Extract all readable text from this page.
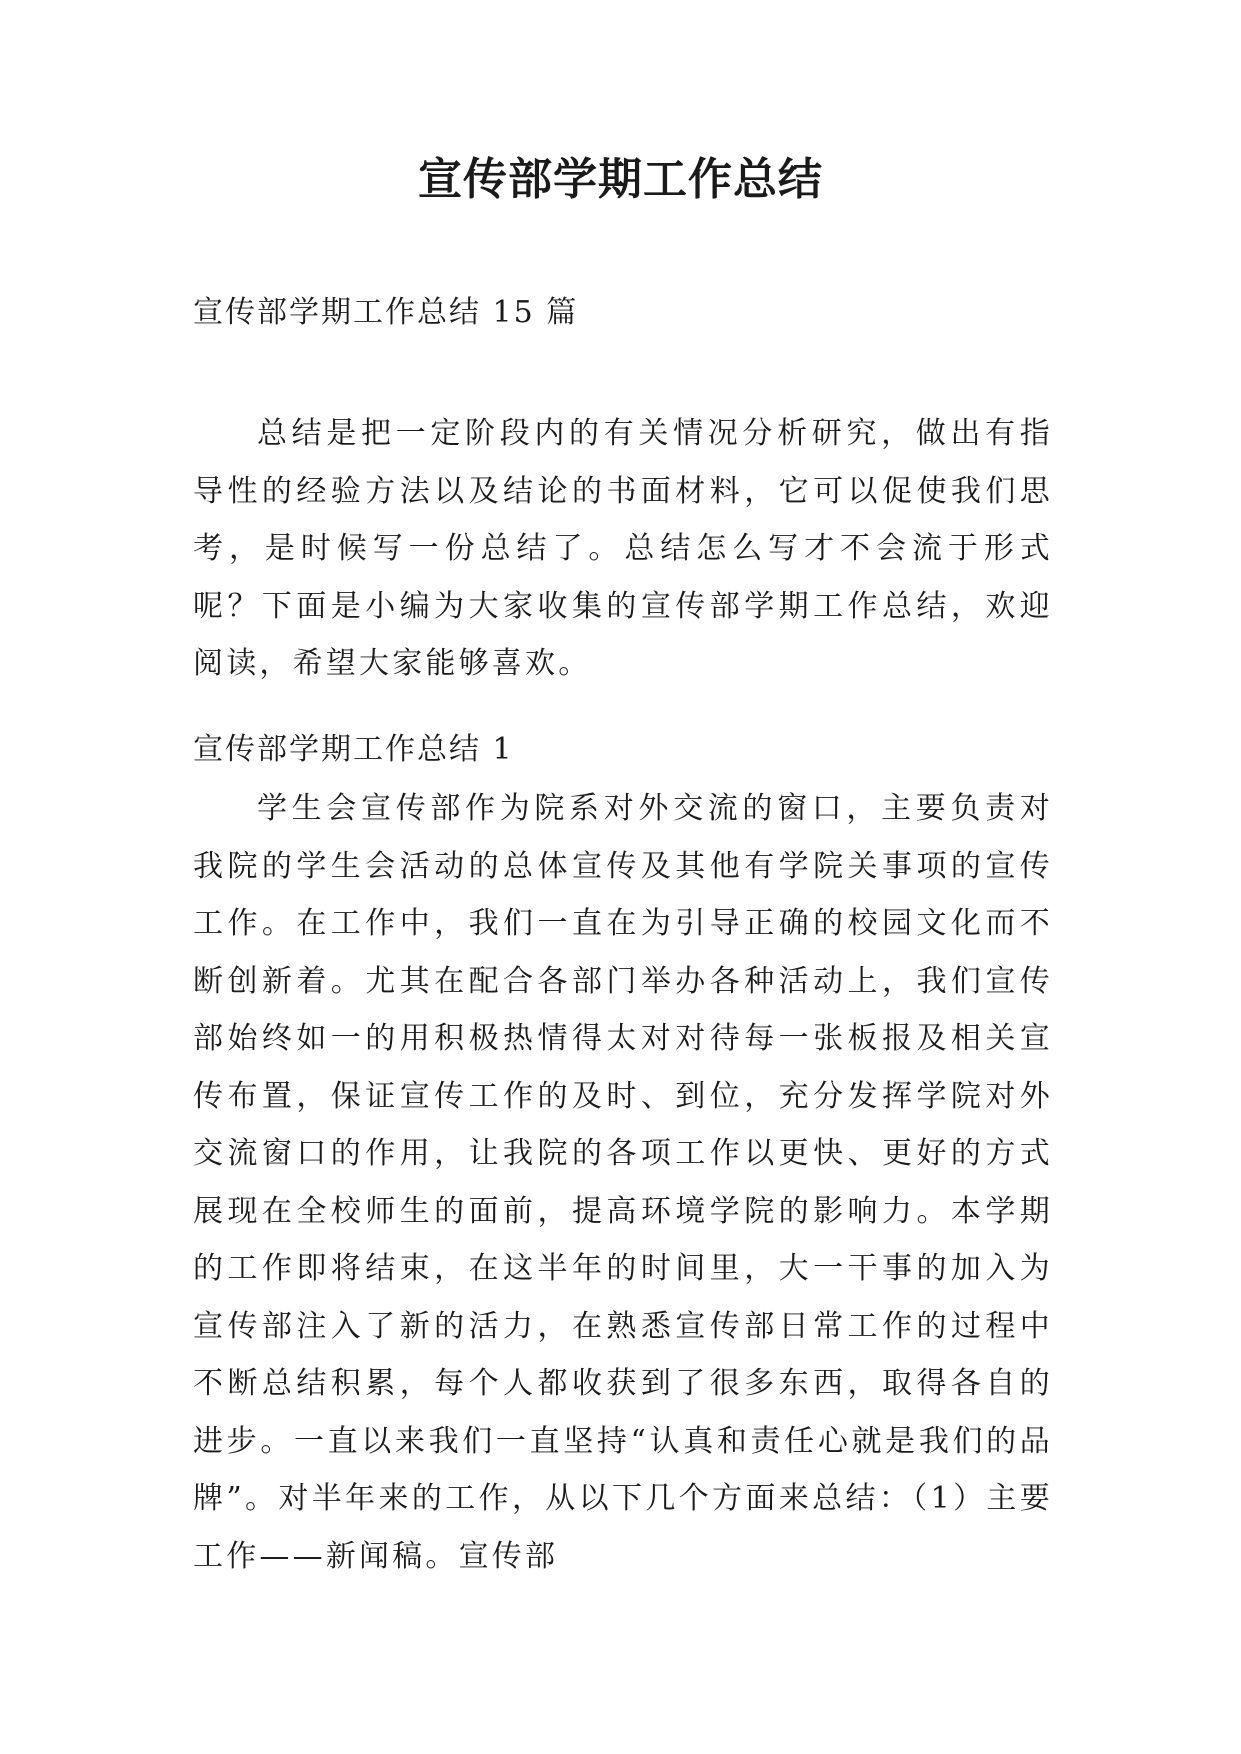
宣传部学期工作总结
宣传部学期工作总结 15 篇

总结是把一定阶段内的有关情况分析研究，做出有指导性的经验方法以及结论的书面材料，它可以促使我们思考，是时候写一份总结了。总结怎么写才不会流于形式呢？下面是小编为大家收集的宣传部学期工作总结，欢迎阅读，希望大家能够喜欢。

宣传部学期工作总结 1

学生会宣传部作为院系对外交流的窗口，主要负责对我院的学生会活动的总体宣传及其他有学院关事项的宣传工作。在工作中，我们一直在为引导正确的校园文化而不断创新着。尤其在配合各部门举办各种活动上，我们宣传部始终如一的用积极热情得太对对待每一张板报及相关宣传布置，保证宣传工作的及时、到位，充分发挥学院对外交流窗口的作用，让我院的各项工作以更快、更好的方式展现在全校师生的面前，提高环境学院的影响力。本学期的工作即将结束，在这半年的时间里，大一干事的加入为宣传部注入了新的活力，在熟悉宣传部日常工作的过程中不断总结积累，每个人都收获到了很多东西，取得各自的进步。一直以来我们一直坚持“认真和责任心就是我们的品牌”。对半年来的工作，从以下几个方面来总结：（1）主要工作——新闻稿。宣传部
